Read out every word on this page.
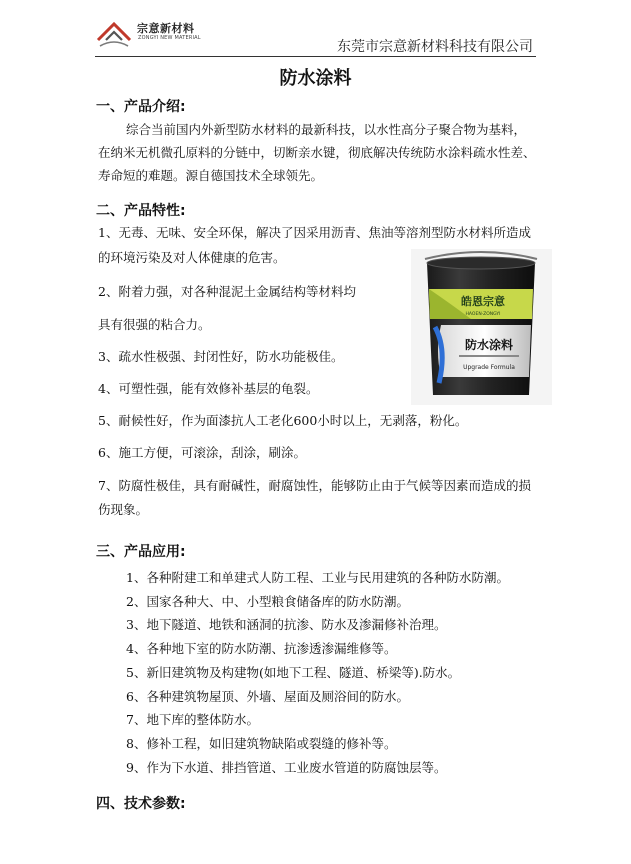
宗意新材料
ZONGYI NEW MATERIAL
东莞市宗意新材料科技有限公司
防水涂料
一、产品介绍:
综合当前国内外新型防水材料的最新科技，以水性高分子聚合物为基料，
在纳米无机微孔原料的分链中，切断亲水键，彻底解决传统防水涂料疏水性差、
寿命短的难题。源自德国技术全球领先。
二、产品特性:
1、无毒、无味、安全环保，解决了因采用沥青、焦油等溶剂型防水材料所造成
的环境污染及对人体健康的危害。
2、附着力强，对各种混泥土金属结构等材料均
具有很强的粘合力。
3、疏水性极强、封闭性好，防水功能极佳。
4、可塑性强，能有效修补基层的龟裂。
5、耐候性好，作为面漆抗人工老化600小时以上，无剥落，粉化。
6、施工方便，可滚涂，刮涂，刷涂。
7、防腐性极佳，具有耐碱性，耐腐蚀性，能够防止由于气候等因素而造成的损
伤现象。
皓恩宗意
HAOEN·ZONGYI
防水涂料
Upgrade Formula
三、产品应用:
1、各种附建工和单建式人防工程、工业与民用建筑的各种防水防潮。
2、国家各种大、中、小型粮食储备库的防水防潮。
3、地下隧道、地铁和涵洞的抗渗、防水及渗漏修补治理。
4、各种地下室的防水防潮、抗渗透渗漏维修等。
5、新旧建筑物及构建物(如地下工程、隧道、桥梁等).防水。
6、各种建筑物屋顶、外墙、屋面及厕浴间的防水。
7、地下库的整体防水。
8、修补工程，如旧建筑物缺陷或裂缝的修补等。
9、作为下水道、排挡管道、工业废水管道的防腐蚀层等。
四、技术参数:
